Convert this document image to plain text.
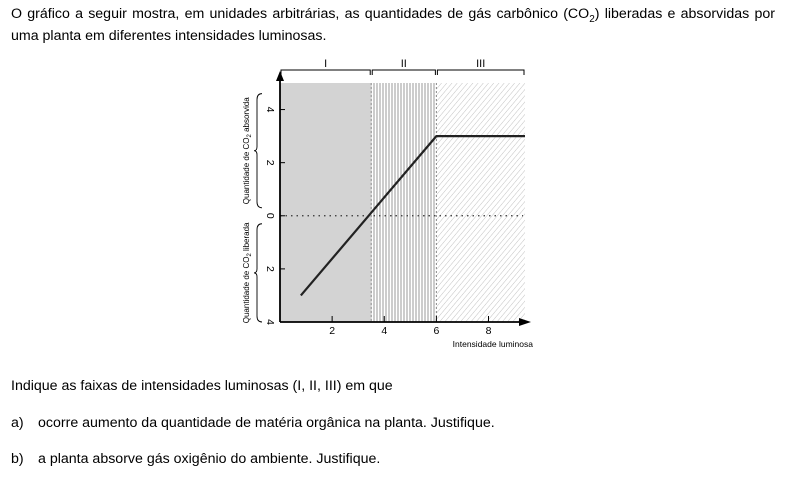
O gráfico a seguir mostra, em unidades arbitrárias, as quantidades de gás carbônico $(CO_2)$ liberadas e absorvidas por uma planta em diferentes intensidades luminosas.
I	II	III
2	4	6	8
Intensidade luminosa
4
2
0
2
4
Quantidade de $CO_2$ absorvida
Quantidade de $CO_2$ liberada
Indique as faixas de intensidades luminosas (I, II, III) em que
a) ocorre aumento da quantidade de matéria orgânica na planta. Justifique.
b) a planta absorve gás oxigênio do ambiente. Justifique.
